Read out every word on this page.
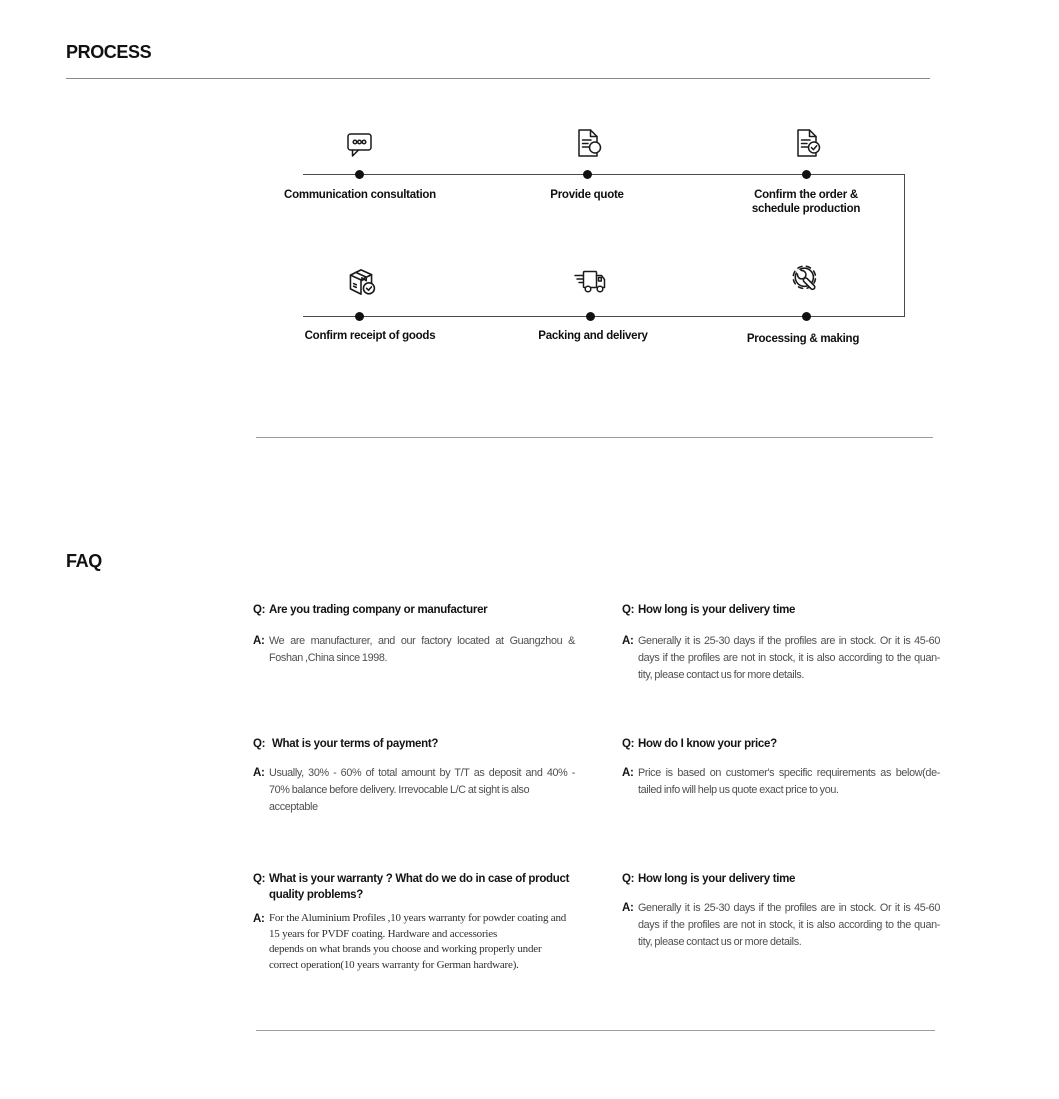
PROCESS
Communication consultation	Provide quote	Confirm the order &
schedule production
Confirm receipt of goods	Packing and delivery	Processing & making
FAQ
Q: Are you trading company or manufacturer
A: We are manufacturer, and our factory located at Guangzhou &
Foshan ,China since 1998.
Q: How long is your delivery time
A: Generally it is 25-30 days if the profiles are in stock. Or it is 45-60
days if the profiles are not in stock, it is also according to the quan-
tity, please contact us for more details.
Q: What is your terms of payment?
A: Usually, 30% - 60% of total amount by T/T as deposit and 40% -
70% balance before delivery. Irrevocable L/C at sight is also
acceptable
Q: How do I know your price?
A: Price is based on customer's specific requirements as below(de-
tailed info will help us quote exact price to you.
Q: What is your warranty ? What do we do in case of product
quality problems?
A: For the Aluminium Profiles ,10 years warranty for powder coating and
15 years for PVDF coating. Hardware and accessories
depends on what brands you choose and working properly under
correct operation(10 years warranty for German hardware).
Q: How long is your delivery time
A: Generally it is 25-30 days if the profiles are in stock. Or it is 45-60
days if the profiles are not in stock, it is also according to the quan-
tity, please contact us or more details.
